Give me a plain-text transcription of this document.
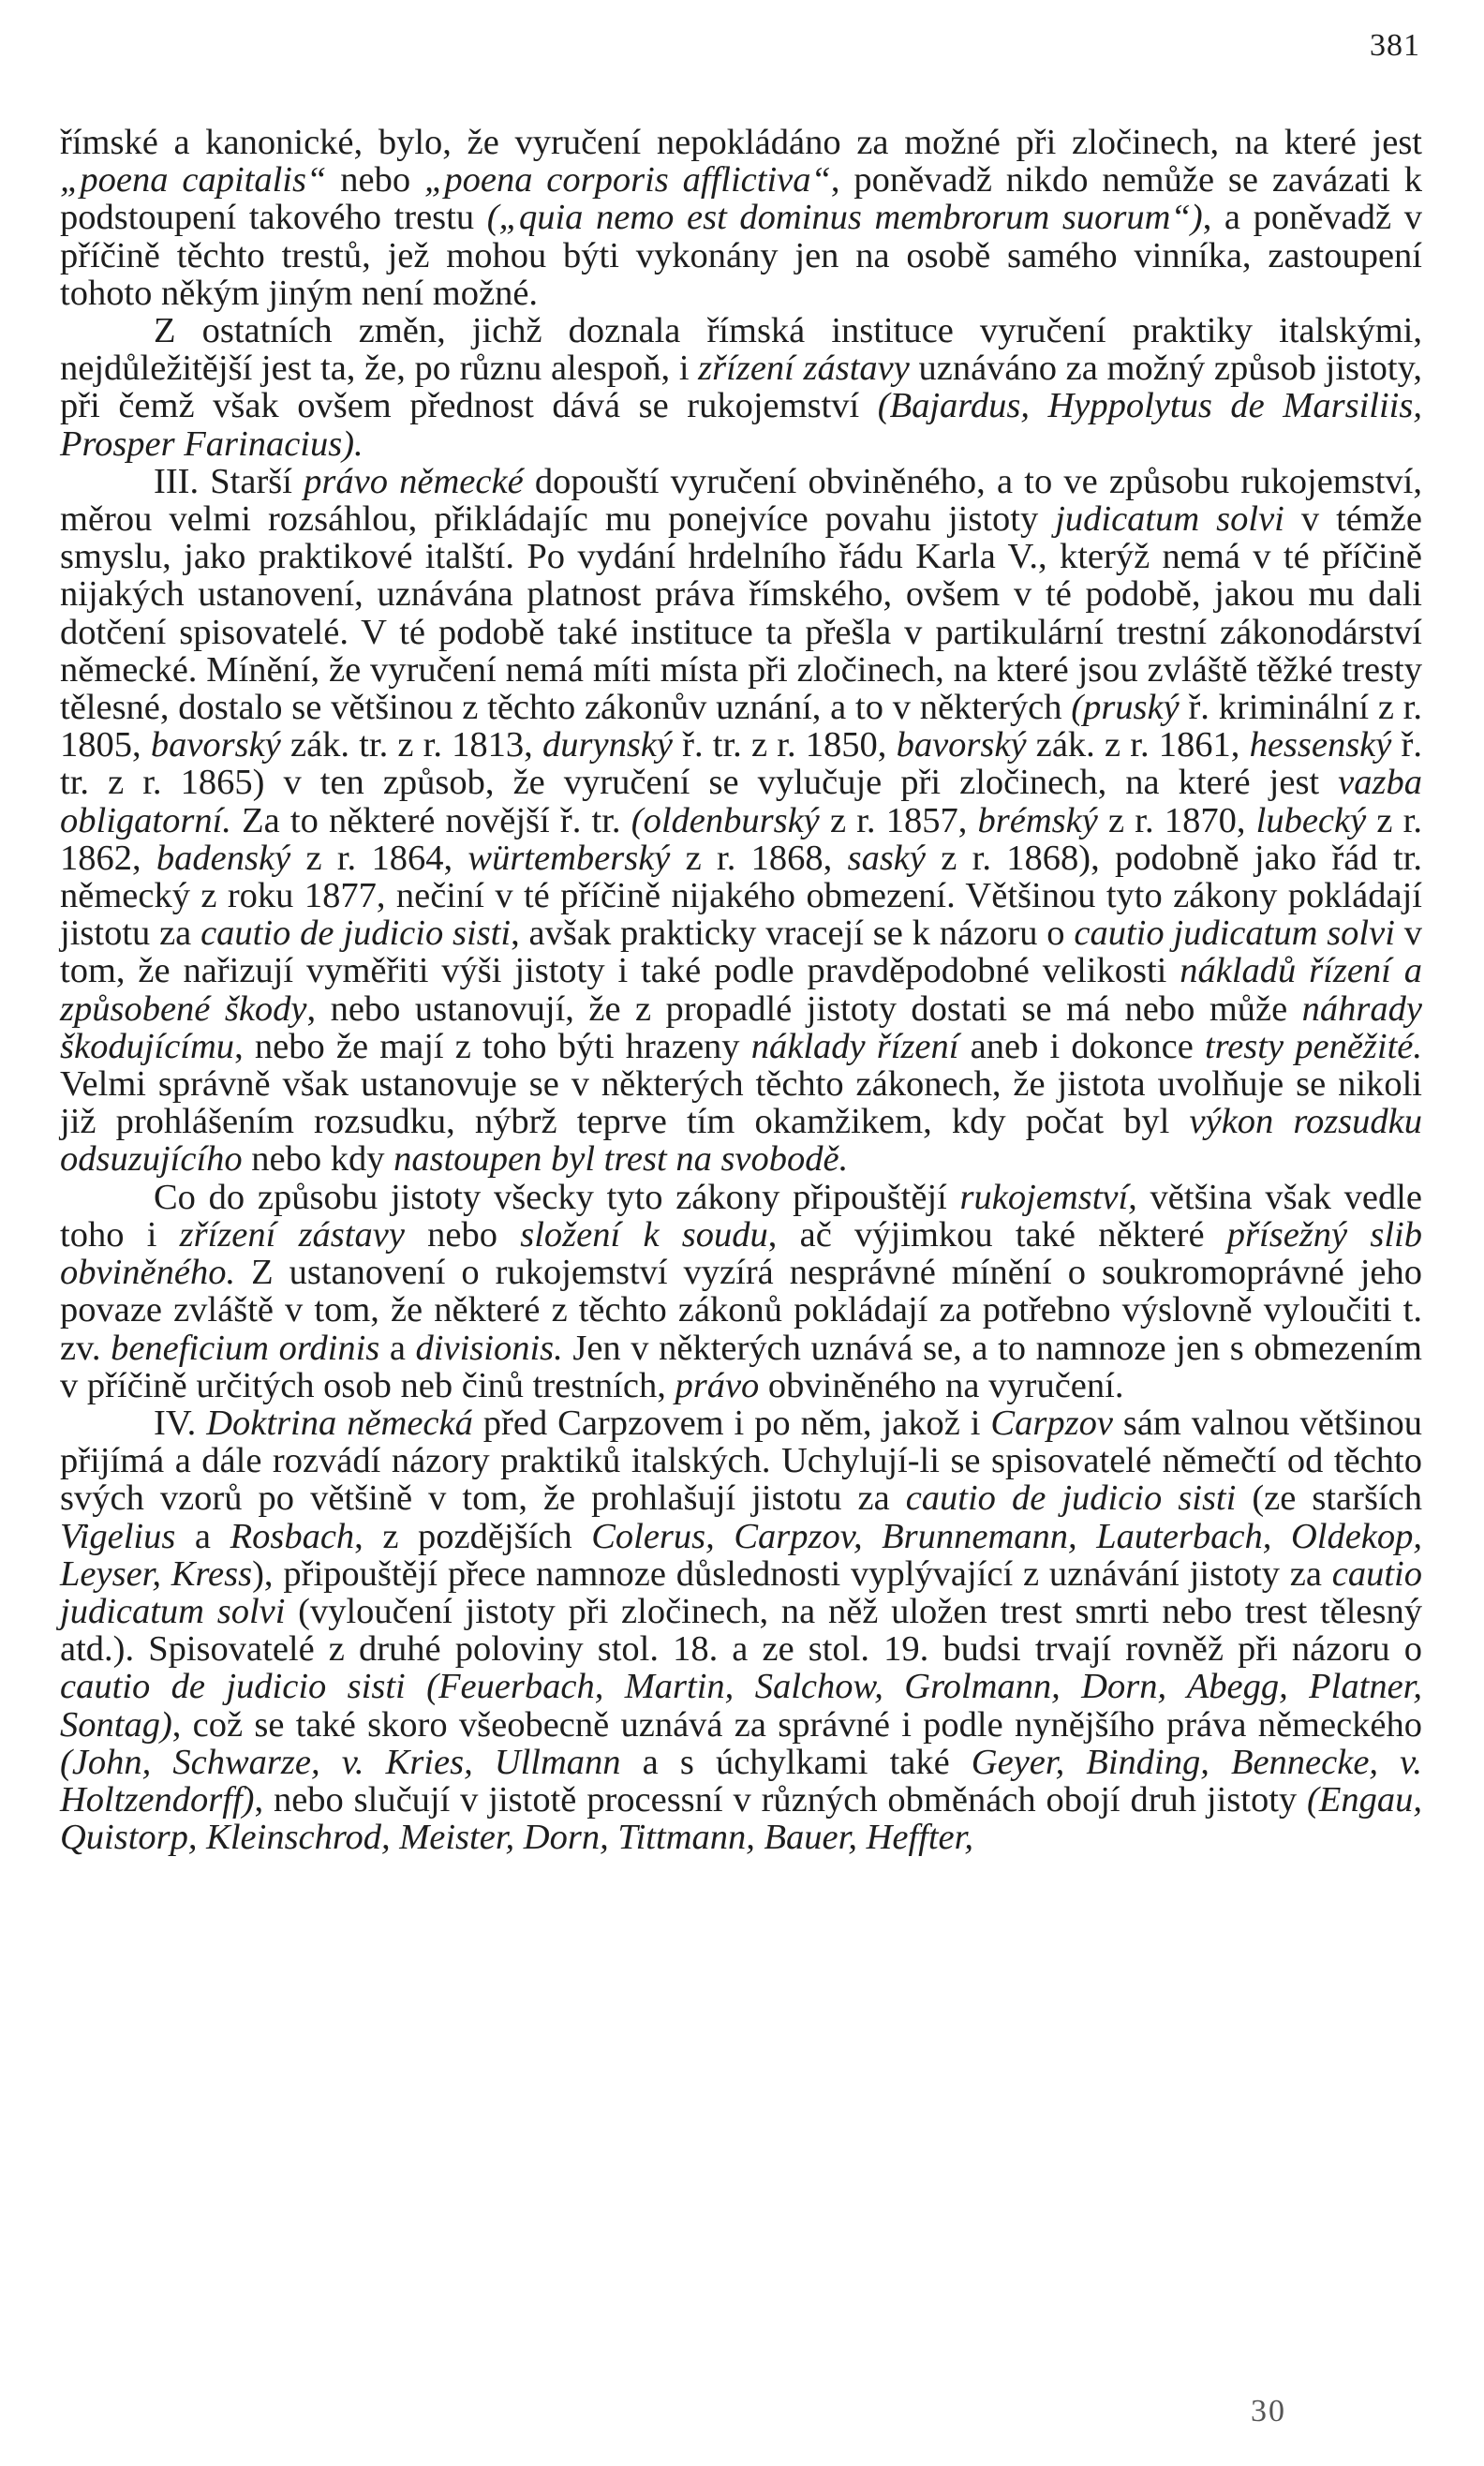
381

římské a kanonické, bylo, že vyručení nepokládáno za možné při zločinech, na které jest „poena capitalis“ nebo „poena corporis afflictiva“, poněvadž nikdo nemůže se zavázati k podstoupení takového trestu („quia nemo est dominus membrorum suorum“), a poněvadž v příčině těchto trestů, jež mohou býti vykonány jen na osobě samého vinníka, zastoupení tohoto někým jiným není možné.

Z ostatních změn, jichž doznala římská instituce vyručení praktiky italskými, nejdůležitější jest ta, že, po různu alespoň, i zřízení zástavy uznáváno za možný způsob jistoty, při čemž však ovšem přednost dává se rukojemství (Bajardus, Hyppolytus de Marsiliis, Prosper Farinacius).

III. Starší právo německé dopouští vyručení obviněného, a to ve způsobu rukojemství, měrou velmi rozsáhlou, přikládajíc mu ponejvíce povahu jistoty judicatum solvi v témže smyslu, jako praktikové italští. Po vydání hrdelního řádu Karla V., kterýž nemá v té příčině nijakých ustanovení, uznávána platnost práva římského, ovšem v té podobě, jakou mu dali dotčení spisovatelé. V té podobě také instituce ta přešla v partikulární trestní zákonodárství německé. Mínění, že vyručení nemá míti místa při zločinech, na které jsou zvláště těžké tresty tělesné, dostalo se většinou z těchto zákonův uznání, a to v některých (pruský ř. kriminální z r. 1805, bavorský zák. tr. z r. 1813, durynský ř. tr. z r. 1850, bavorský zák. z r. 1861, hessenský ř. tr. z r. 1865) v ten způsob, že vyručení se vylučuje při zločinech, na které jest vazba obligatorní. Za to některé novější ř. tr. (oldenburský z r. 1857, brémský z r. 1870, lubecký z r. 1862, badenský z r. 1864, würtemberský z r. 1868, saský z r. 1868), podobně jako řád tr. německý z roku 1877, nečiní v té příčině nijakého obmezení. Většinou tyto zákony pokládají jistotu za cautio de judicio sisti, avšak prakticky vracejí se k názoru o cautio judicatum solvi v tom, že nařizují vyměřiti výši jistoty i také podle pravděpodobné velikosti nákladů řízení a způsobené škody, nebo ustanovují, že z propadlé jistoty dostati se má nebo může náhrady škodujícímu, nebo že mají z toho býti hrazeny náklady řízení aneb i dokonce tresty peněžité. Velmi správně však ustanovuje se v některých těchto zákonech, že jistota uvolňuje se nikoli již prohlášením rozsudku, nýbrž teprve tím okamžikem, kdy počat byl výkon rozsudku odsuzujícího nebo kdy nastoupen byl trest na svobodě.

Co do způsobu jistoty všecky tyto zákony připouštějí rukojemství, většina však vedle toho i zřízení zástavy nebo složení k soudu, ač výjimkou také některé přísežný slib obviněného. Z ustanovení o rukojemství vyzírá nesprávné mínění o soukromoprávné jeho povaze zvláště v tom, že některé z těchto zákonů pokládají za potřebno výslovně vyloučiti t. zv. beneficium ordinis a divisionis. Jen v některých uznává se, a to namnoze jen s obmezením v příčině určitých osob neb činů trestních, právo obviněného na vyručení.

IV. Doktrina německá před Carpzovem i po něm, jakož i Carpzov sám valnou většinou přijímá a dále rozvádí názory praktiků italských. Uchylují-li se spisovatelé němečtí od těchto svých vzorů po většině v tom, že prohlašují jistotu za cautio de judicio sisti (ze starších Vigelius a Rosbach, z pozdějších Colerus, Carpzov, Brunnemann, Lauterbach, Oldekop, Leyser, Kress), připouštějí přece namnoze důslednosti vyplývající z uznávání jistoty za cautio judicatum solvi (vyloučení jistoty při zločinech, na něž uložen trest smrti nebo trest tělesný atd.). Spisovatelé z druhé poloviny stol. 18. a ze stol. 19. budsi trvají rovněž při názoru o cautio de judicio sisti (Feuerbach, Martin, Salchow, Grolmann, Dorn, Abegg, Platner, Sontag), což se také skoro všeobecně uznává za správné i podle nynějšího práva německého (John, Schwarze, v. Kries, Ullmann a s úchylkami také Geyer, Binding, Bennecke, v. Holtzendorff), nebo slučují v jistotě processní v různých obměnách obojí druh jistoty (Engau, Quistorp, Kleinschrod, Meister, Dorn, Tittmann, Bauer, Heffter,

30
